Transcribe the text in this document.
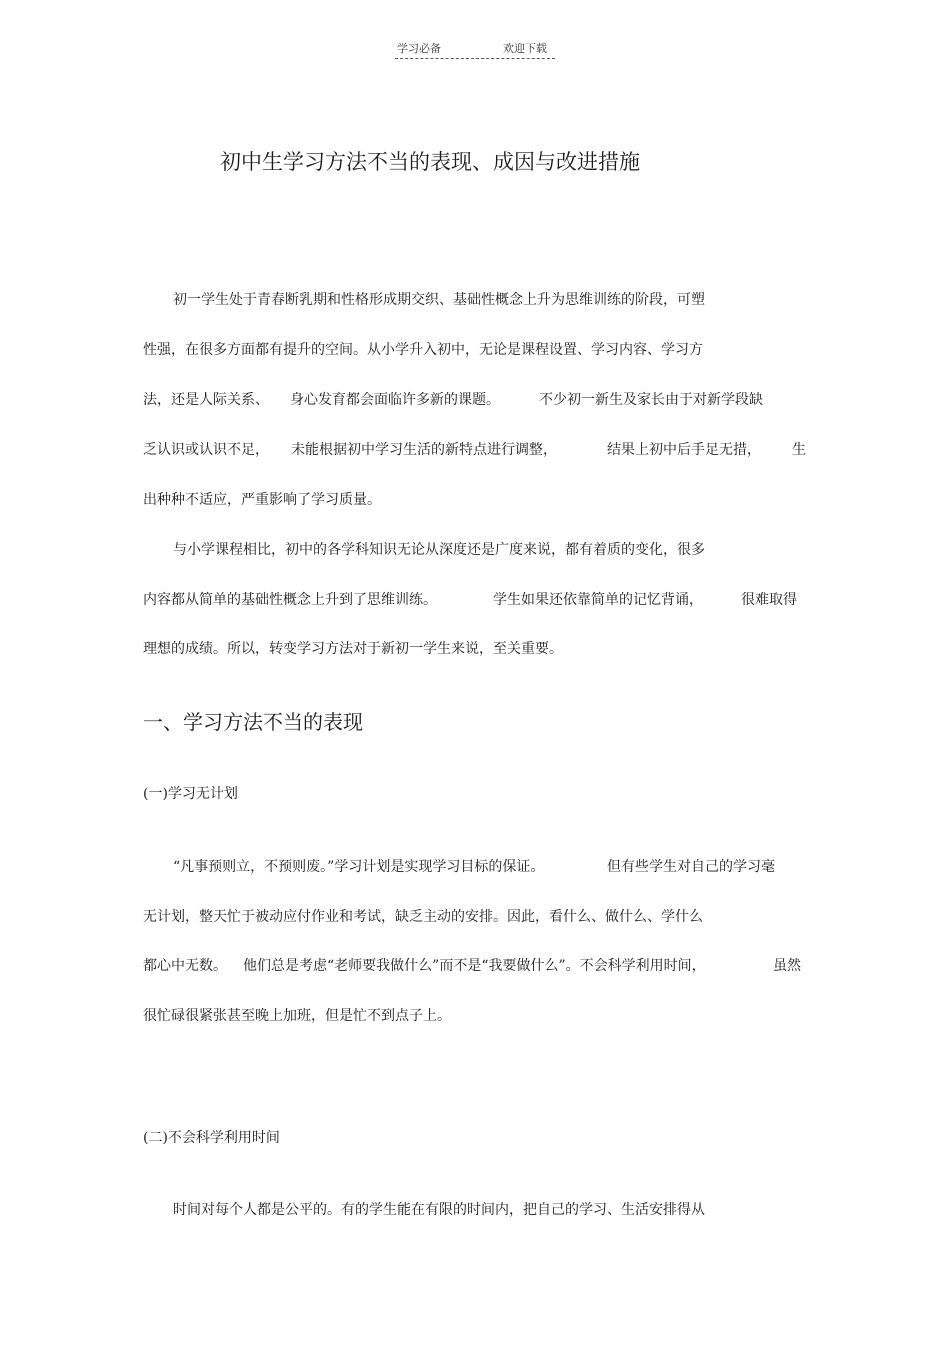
学习必备	欢迎下载
初中生学习方法不当的表现、成因与改进措施
初一学生处于青春断乳期和性格形成期交织、基础性概念上升为思维训练的阶段，可塑
性强，在很多方面都有提升的空间。从小学升入初中，无论是课程设置、学习内容、学习方
法，还是人际关系、 身心发育都会面临许多新的课题。	不少初一新生及家长由于对新学段缺
乏认识或认识不足， 未能根据初中学习生活的新特点进行调整，	结果上初中后手足无措， 生
出种种不适应，严重影响了学习质量。
与小学课程相比，初中的各学科知识无论从深度还是广度来说，都有着质的变化，很多
内容都从简单的基础性概念上升到了思维训练。	学生如果还依靠简单的记忆背诵，	很难取得
理想的成绩。所以，转变学习方法对于新初一学生来说，至关重要。
一、学习方法不当的表现
(一)学习无计划
“凡事预则立，不预则废。”学习计划是实现学习目标的保证。	但有些学生对自己的学习毫
无计划，整天忙于被动应付作业和考试，缺乏主动的安排。因此，看什么、做什么、学什么
都心中无数。 他们总是考虑“老师要我做什么”而不是“我要做什么”。不会科学利用时间，	虽然
很忙碌很紧张甚至晚上加班，但是忙不到点子上。
(二)不会科学利用时间
时间对每个人都是公平的。有的学生能在有限的时间内，把自己的学习、生活安排得从
